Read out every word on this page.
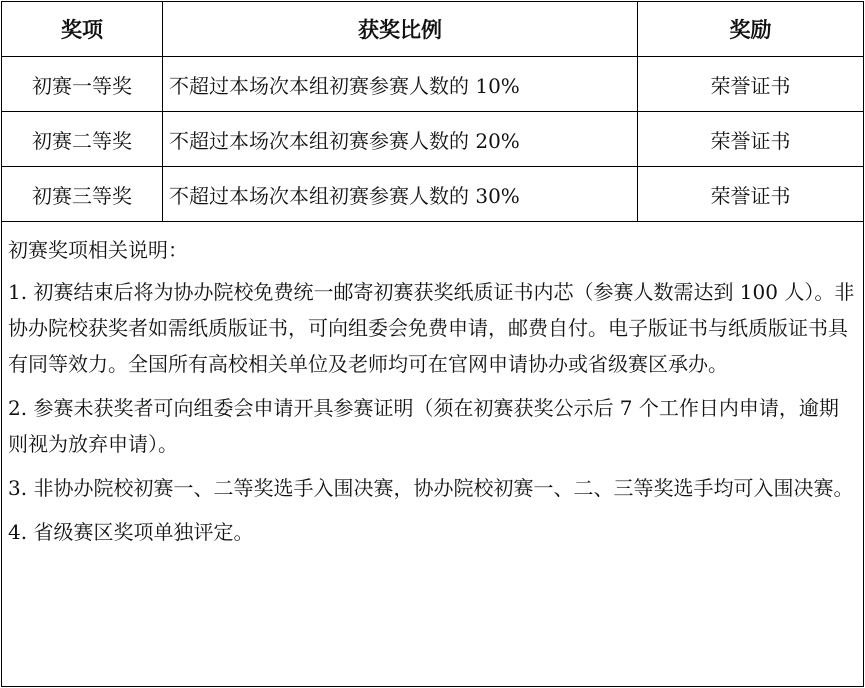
奖项	获奖比例	奖励
初赛一等奖	不超过本场次本组初赛参赛人数的 10%	荣誉证书
初赛二等奖	不超过本场次本组初赛参赛人数的 20%	荣誉证书
初赛三等奖	不超过本场次本组初赛参赛人数的 30%	荣誉证书
初赛奖项相关说明：
1. 初赛结束后将为协办院校免费统一邮寄初赛获奖纸质证书内芯（参赛人数需达到 100 人）。非协办院校获奖者如需纸质版证书，可向组委会免费申请，邮费自付。电子版证书与纸质版证书具有同等效力。全国所有高校相关单位及老师均可在官网申请协办或省级赛区承办。
2. 参赛未获奖者可向组委会申请开具参赛证明（须在初赛获奖公示后 7 个工作日内申请，逾期则视为放弃申请）。
3. 非协办院校初赛一、二等奖选手入围决赛，协办院校初赛一、二、三等奖选手均可入围决赛。
4. 省级赛区奖项单独评定。
